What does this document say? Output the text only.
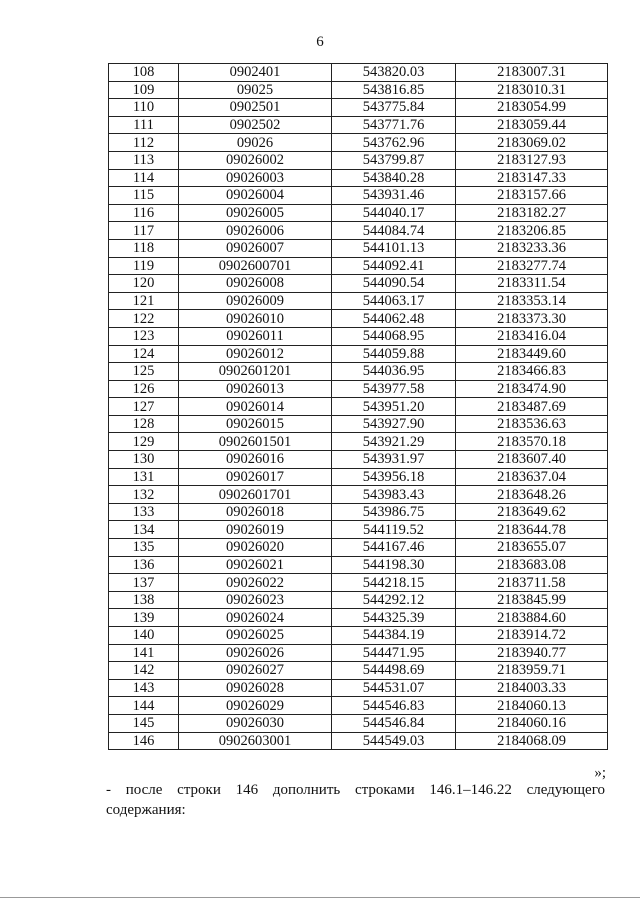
6
108	0902401	543820.03	2183007.31
109	09025	543816.85	2183010.31
110	0902501	543775.84	2183054.99
111	0902502	543771.76	2183059.44
112	09026	543762.96	2183069.02
113	09026002	543799.87	2183127.93
114	09026003	543840.28	2183147.33
115	09026004	543931.46	2183157.66
116	09026005	544040.17	2183182.27
117	09026006	544084.74	2183206.85
118	09026007	544101.13	2183233.36
119	0902600701	544092.41	2183277.74
120	09026008	544090.54	2183311.54
121	09026009	544063.17	2183353.14
122	09026010	544062.48	2183373.30
123	09026011	544068.95	2183416.04
124	09026012	544059.88	2183449.60
125	0902601201	544036.95	2183466.83
126	09026013	543977.58	2183474.90
127	09026014	543951.20	2183487.69
128	09026015	543927.90	2183536.63
129	0902601501	543921.29	2183570.18
130	09026016	543931.97	2183607.40
131	09026017	543956.18	2183637.04
132	0902601701	543983.43	2183648.26
133	09026018	543986.75	2183649.62
134	09026019	544119.52	2183644.78
135	09026020	544167.46	2183655.07
136	09026021	544198.30	2183683.08
137	09026022	544218.15	2183711.58
138	09026023	544292.12	2183845.99
139	09026024	544325.39	2183884.60
140	09026025	544384.19	2183914.72
141	09026026	544471.95	2183940.77
142	09026027	544498.69	2183959.71
143	09026028	544531.07	2184003.33
144	09026029	544546.83	2184060.13
145	09026030	544546.84	2184060.16
146	0902603001	544549.03	2184068.09
»;
- после строки 146 дополнить строками 146.1–146.22 следующего
содержания:
